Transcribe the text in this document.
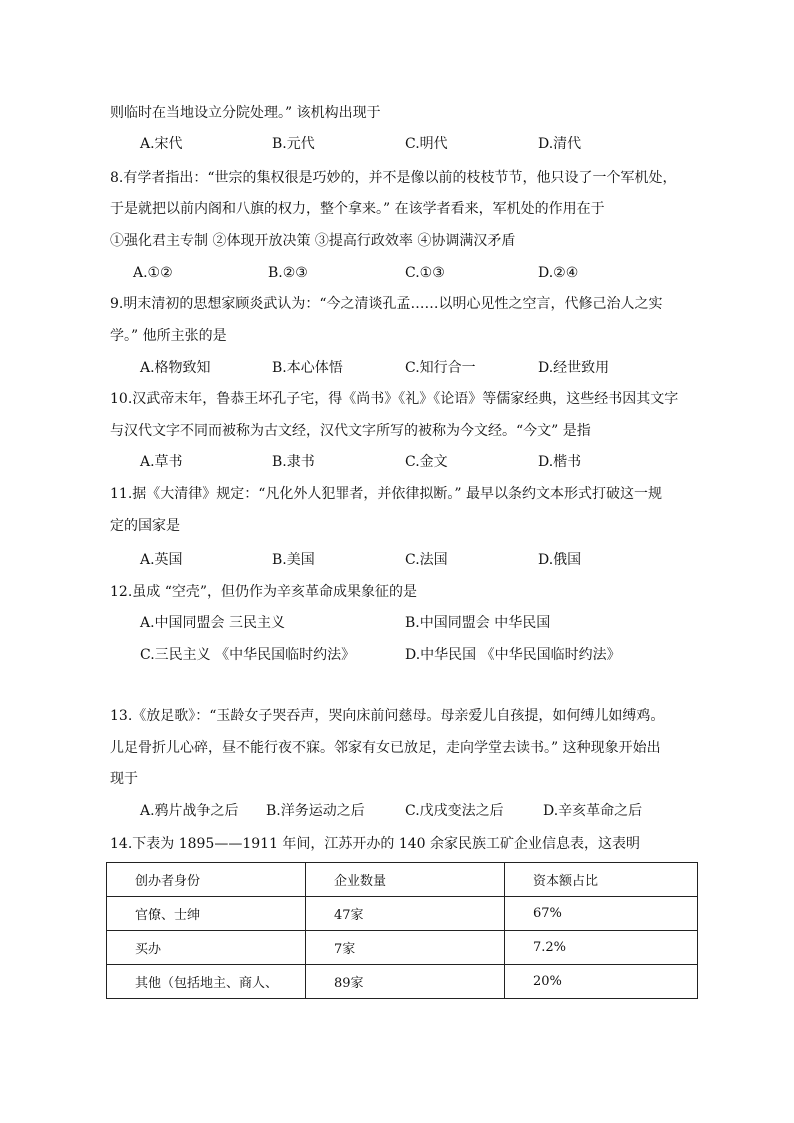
则临时在当地设立分院处理。” 该机构出现于
A.宋代	B.元代	C.明代	D.清代
8.有学者指出：“世宗的集权很是巧妙的，并不是像以前的枝枝节节，他只设了一个军机处，
于是就把以前内阁和八旗的权力，整个拿来。” 在该学者看来，军机处的作用在于
①强化君主专制 ②体现开放决策 ③提高行政效率 ④协调满汉矛盾
A.①②	B.②③	C.①③	D.②④
9.明末清初的思想家顾炎武认为：“今之清谈孔孟……以明心见性之空言，代修己治人之实
学。” 他所主张的是
A.格物致知	B.本心体悟	C.知行合一	D.经世致用
10.汉武帝末年，鲁恭王坏孔子宅，得《尚书》《礼》《论语》等儒家经典，这些经书因其文字
与汉代文字不同而被称为古文经，汉代文字所写的被称为今文经。“今文” 是指
A.草书	B.隶书	C.金文	D.楷书
11.据《大清律》规定：“凡化外人犯罪者，并依律拟断。” 最早以条约文本形式打破这一规
定的国家是
A.英国	B.美国	C.法国	D.俄国
12.虽成 “空壳”，但仍作为辛亥革命成果象征的是
A.中国同盟会 三民主义	B.中国同盟会 中华民国
C.三民主义 《中华民国临时约法》	D.中华民国 《中华民国临时约法》
13.《放足歌》：“玉龄女子哭吞声，哭向床前问慈母。母亲爱儿自孩提，如何缚儿如缚鸡。
儿足骨折儿心碎，昼不能行夜不寐。邻家有女已放足，走向学堂去读书。” 这种现象开始出
现于
A.鸦片战争之后 B.洋务运动之后	C.戊戌变法之后	D.辛亥革命之后
14.下表为 1895——1911 年间，江苏开办的 140 余家民族工矿企业信息表，这表明
创办者身份	企业数量	资本额占比
官僚、士绅	47家	67%
买办	7家	7.2%
其他（包括地主、商人、	89家	20%
